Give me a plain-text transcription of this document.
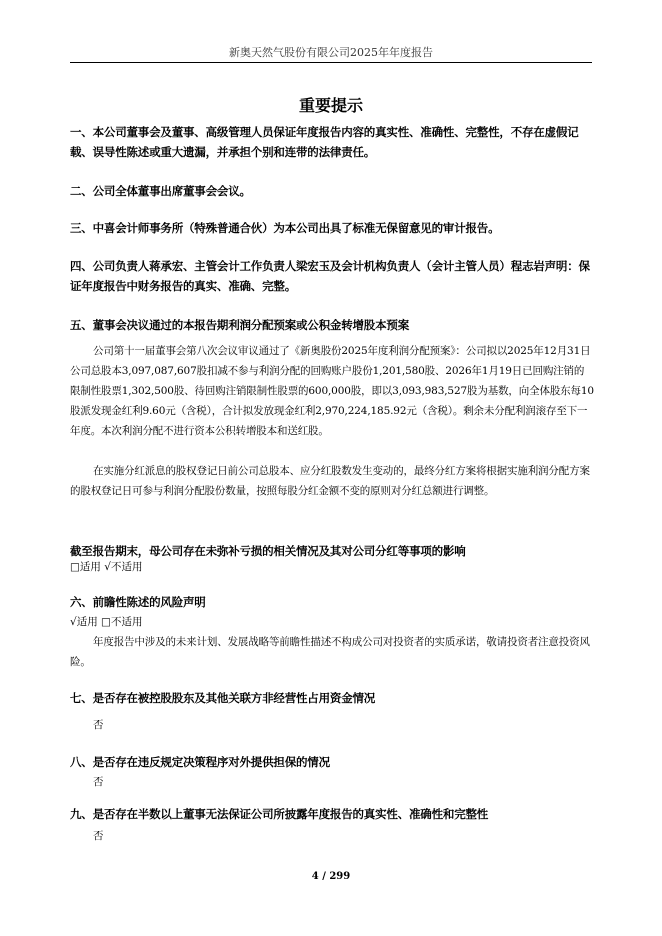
新奥天然气股份有限公司2025年年度报告
重要提示
一、本公司董事会及董事、高级管理人员保证年度报告内容的真实性、准确性、完整性，不存在虚假记载、误导性陈述或重大遗漏，并承担个别和连带的法律责任。
二、公司全体董事出席董事会会议。
三、中喜会计师事务所（特殊普通合伙）为本公司出具了标准无保留意见的审计报告。
四、公司负责人蒋承宏、主管会计工作负责人梁宏玉及会计机构负责人（会计主管人员）程志岩声明：保证年度报告中财务报告的真实、准确、完整。
五、董事会决议通过的本报告期利润分配预案或公积金转增股本预案
公司第十一届董事会第八次会议审议通过了《新奥股份2025年度利润分配预案》：公司拟以2025年12月31日公司总股本3,097,087,607股扣减不参与利润分配的回购账户股份1,201,580股、2026年1月19日已回购注销的限制性股票1,302,500股、待回购注销限制性股票的600,000股，即以3,093,983,527股为基数，向全体股东每10股派发现金红利9.60元（含税），合计拟发放现金红利2,970,224,185.92元（含税）。剩余未分配利润滚存至下一年度。本次利润分配不进行资本公积转增股本和送红股。
在实施分红派息的股权登记日前公司总股本、应分红股数发生变动的，最终分红方案将根据实施利润分配方案的股权登记日可参与利润分配股份数量，按照每股分红金额不变的原则对分红总额进行调整。
截至报告期末，母公司存在未弥补亏损的相关情况及其对公司分红等事项的影响
□适用 √不适用
六、前瞻性陈述的风险声明
√适用 □不适用
年度报告中涉及的未来计划、发展战略等前瞻性描述不构成公司对投资者的实质承诺，敬请投资者注意投资风险。
七、是否存在被控股股东及其他关联方非经营性占用资金情况
否
八、是否存在违反规定决策程序对外提供担保的情况
否
九、是否存在半数以上董事无法保证公司所披露年度报告的真实性、准确性和完整性
否
4 / 299
